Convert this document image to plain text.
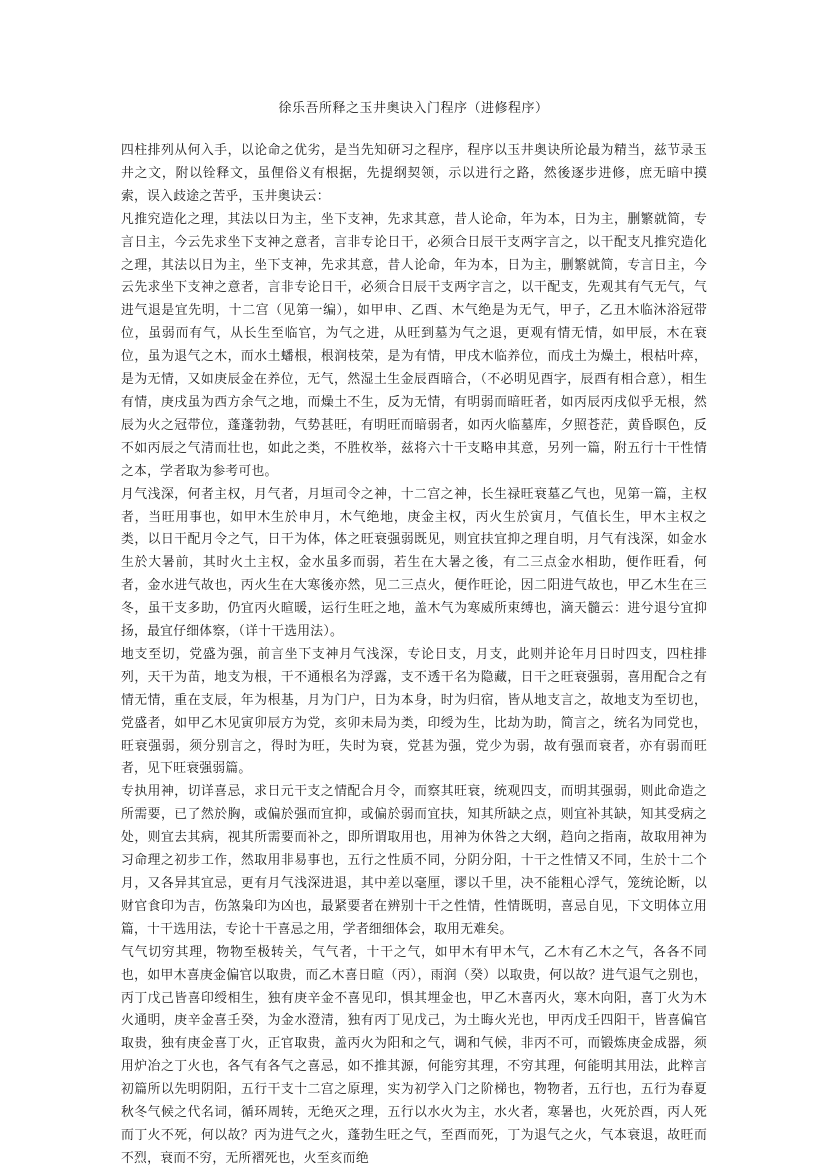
徐乐吾所释之玉井奥诀入门程序（进修程序）

四柱排列从何入手，以论命之优劣，是当先知研习之程序，程序以玉井奥诀所论最为精当，兹节录玉井之文，附以铨释文，虽俚俗义有根据，先提纲契领，示以进行之路，然後逐步进修，庶无暗中摸索，误入歧途之苦乎，玉井奥诀云：

凡推究造化之理，其法以日为主，坐下支神，先求其意，昔人论命，年为本，日为主，删繁就简，专言日主，今云先求坐下支神之意者，言非专论日干，必须合日辰干支两字言之，以干配支凡推究造化之理，其法以日为主，坐下支神，先求其意，昔人论命，年为本，日为主，删繁就简，专言日主，今云先求坐下支神之意者，言非专论日干，必须合日辰干支两字言之，以干配支，先观其有气无气，气进气退是宜先明，十二宫（见第一编），如甲申、乙酉、木气绝是为无气，甲子，乙丑木临沐浴冠带位，虽弱而有气，从长生至临官，为气之进，从旺到墓为气之退，更观有情无情，如甲辰，木在衰位，虽为退气之木，而水土蟠根，根润枝荣，是为有情，甲戌木临养位，而戌土为燥土，根枯叶瘁，是为无情，又如庚辰金在养位，无气，然湿土生金辰酉暗合，（不必明见酉字，辰酉有相合意），相生有情，庚戌虽为西方余气之地，而燥土不生，反为无情，有明弱而暗旺者，如丙辰丙戌似乎无根，然辰为火之冠带位，蓬蓬勃勃，气势甚旺，有明旺而暗弱者，如丙火临墓库，夕照苍茫，黄昏暝色，反不如丙辰之气清而壮也，如此之类，不胜枚举，兹将六十干支略申其意，另列一篇，附五行十干性情之本，学者取为参考可也。

月气浅深，何者主权，月气者，月垣司令之神，十二宫之神，长生禄旺衰墓乙气也，见第一篇，主权者，当旺用事也，如甲木生於申月，木气绝地，庚金主权，丙火生於寅月，气值长生，甲木主权之类，以日干配月令之气，日干为体，体之旺衰强弱既见，则宜扶宜抑之理自明，月气有浅深，如金水生於大暑前，其时火土主权，金水虽多而弱，若生在大暑之後，有二三点金水相助，便作旺看，何者，金水进气故也，丙火生在大寒後亦然，见二三点火，便作旺论，因二阳进气故也，甲乙木生在三冬，虽干支多助，仍宜丙火暄暖，运行生旺之地，盖木气为寒威所束缚也，滴天髓云：进兮退兮宜抑扬，最宜仔细体察，（详十干选用法）。

地支至切，党盛为强，前言坐下支神月气浅深，专论日支，月支，此则并论年月日时四支，四柱排列，天干为苗，地支为根，干不通根名为浮露，支不透干名为隐藏，日干之旺衰强弱，喜用配合之有情无情，重在支辰，年为根基，月为门户，日为本身，时为归宿，皆从地支言之，故地支为至切也，党盛者，如甲乙木见寅卯辰方为党，亥卯未局为类，印绶为生，比劫为助，简言之，统名为同党也，旺衰强弱，须分别言之，得时为旺，失时为衰，党甚为强，党少为弱，故有强而衰者，亦有弱而旺者，见下旺衰强弱篇。

专执用神，切详喜忌，求日元干支之情配合月令，而察其旺衰，统观四支，而明其强弱，则此命造之所需要，已了然於胸，或偏於强而宜抑，或偏於弱而宜扶，知其所缺之点，则宜补其缺，知其受病之处，则宜去其病，视其所需要而补之，即所谓取用也，用神为休咎之大纲，趋向之指南，故取用神为习命理之初步工作，然取用非易事也，五行之性质不同，分阴分阳，十干之性情又不同，生於十二个月，又各异其宜忌，更有月气浅深进退，其中差以毫厘，谬以千里，决不能粗心浮气，笼统论断，以财官食印为吉，伤煞枭印为凶也，最紧要者在辨别十干之性情，性情既明，喜忌自见，下文明体立用篇，十干选用法，专论十干喜忌之用，学者细细体会，取用无难矣。

气气切穷其理，物物至极转关，气气者，十干之气，如甲木有甲木气，乙木有乙木之气，各各不同也，如甲木喜庚金偏官以取贵，而乙木喜日暄（丙），雨润（癸）以取贵，何以故？进气退气之别也，丙丁戊己皆喜印绶相生，独有庚辛金不喜见印，惧其埋金也，甲乙木喜丙火，寒木向阳，喜丁火为木火通明，庚辛金喜壬癸，为金水澄清，独有丙丁见戊己，为土晦火光也，甲丙戊壬四阳干，皆喜偏官取贵，独有庚金喜丁火，正官取贵，盖丙火为阳和之气，调和气候，非丙不可，而锻炼庚金成器，须用炉冶之丁火也，各气有各气之喜忌，如不推其源，何能穷其理，不穷其理，何能明其用法，此粹言初篇所以先明阴阳，五行干支十二宫之原理，实为初学入门之阶梯也，物物者，五行也，五行为春夏秋冬气候之代名词，循环周转，无绝灭之理，五行以水火为主，水火者，寒暑也，火死於酉，丙人死而丁火不死，何以故？丙为进气之火，蓬勃生旺之气，至酉而死，丁为退气之火，气本衰退，故旺而不烈，衰而不穷，无所褶死也，火至亥而绝
